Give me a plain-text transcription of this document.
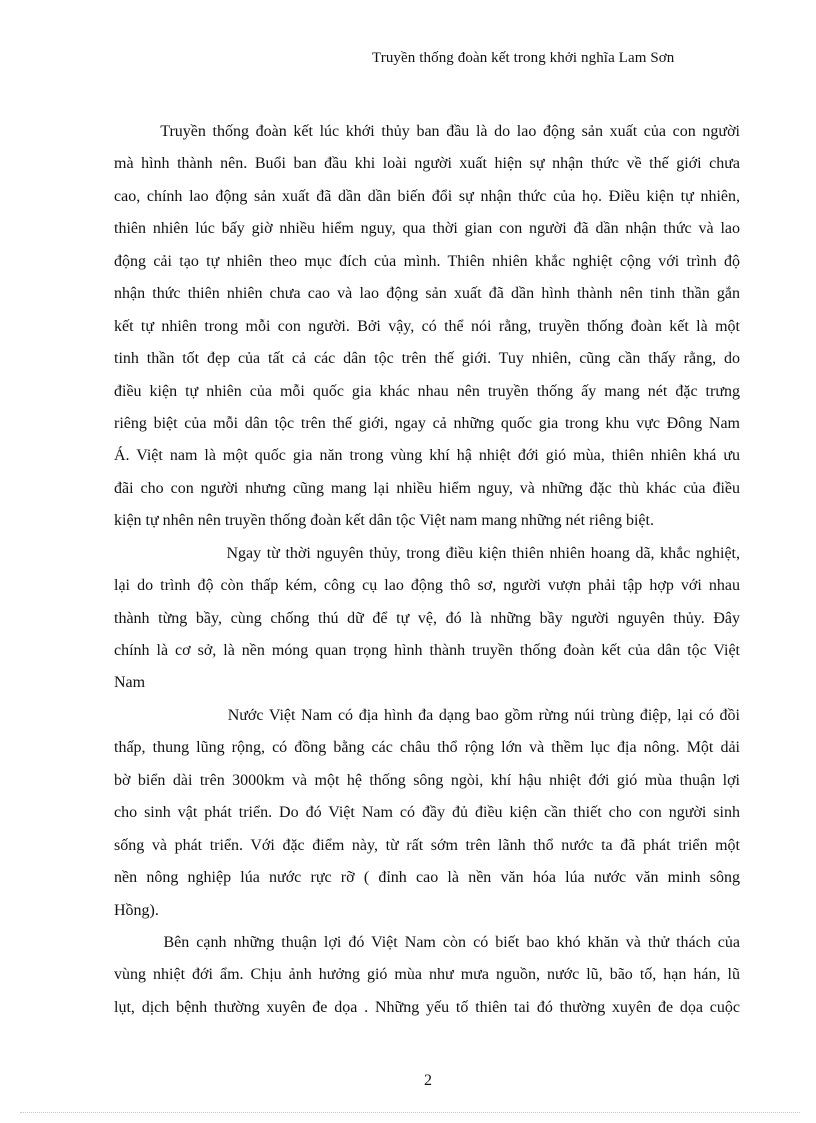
Truyền thống đoàn kết trong khởi nghĩa Lam Sơn
Truyền thống đoàn kết lúc khới thủy ban đầu là do lao động sản xuất của con người
mà hình thành nên. Buổi ban đầu khi loài người xuất hiện sự nhận thức về thế giới chưa
cao, chính lao động sản xuất đã dần dần biến đổi sự nhận thức của họ. Điều kiện tự nhiên,
thiên nhiên lúc bấy giờ nhiều hiểm nguy, qua thời gian con người đã dần nhận thức và lao
động cải tạo tự nhiên theo mục đích của mình. Thiên nhiên khắc nghiệt cộng với trình độ
nhận thức thiên nhiên chưa cao và lao động sản xuất đã dần hình thành nên tinh thần gắn
kết tự nhiên trong mỗi con người. Bởi vậy, có thể nói rằng, truyền thống đoàn kết là một
tinh thần tốt đẹp của tất cả các dân tộc trên thế giới. Tuy nhiên, cũng cần thấy rằng, do
điều kiện tự nhiên của mỗi quốc gia khác nhau nên truyền thống ấy mang nét đặc trưng
riêng biệt của mỗi dân tộc trên thế giới, ngay cả những quốc gia trong khu vực Đông Nam
Á. Việt nam là một quốc gia năn trong vùng khí hậ nhiệt đới gió mùa, thiên nhiên khá ưu
đãi cho con người nhưng cũng mang lại nhiều hiểm nguy, và những đặc thù khác của điều
kiện tự nhên nên truyền thống đoàn kết dân tộc Việt nam mang những nét riêng biệt.
Ngay từ thời nguyên thủy, trong điều kiện thiên nhiên hoang dã, khắc nghiệt,
lại do trình độ còn thấp kém, công cụ lao động thô sơ, người vượn phải tập hợp với nhau
thành từng bầy, cùng chống thú dữ để tự vệ, đó là những bầy người nguyên thủy. Đây
chính là cơ sở, là nền móng quan trọng hình thành truyền thống đoàn kết của dân tộc Việt
Nam
Nước Việt Nam có địa hình đa dạng bao gồm rừng núi trùng điệp, lại có đồi
thấp, thung lũng rộng, có đồng bằng các châu thổ rộng lớn và thềm lục địa nông. Một dải
bờ biển dài trên 3000km và một hệ thống sông ngòi, khí hậu nhiệt đới gió mùa thuận lợi
cho sinh vật phát triển. Do đó Việt Nam có đầy đủ điều kiện cần thiết cho con người sinh
sống và phát triển. Với đặc điểm này, từ rất sớm trên lãnh thổ nước ta đã phát triển một
nền nông nghiệp lúa nước rực rỡ ( đỉnh cao là nền văn hóa lúa nước văn minh sông
Hồng).
Bên cạnh những thuận lợi đó Việt Nam còn có biết bao khó khăn và thử thách của
vùng nhiệt đới ẩm. Chịu ảnh hưởng gió mùa như mưa nguồn, nước lũ, bão tố, hạn hán, lũ
lụt, dịch bệnh thường xuyên đe dọa . Những yếu tố thiên tai đó thường xuyên đe dọa cuộc
2
